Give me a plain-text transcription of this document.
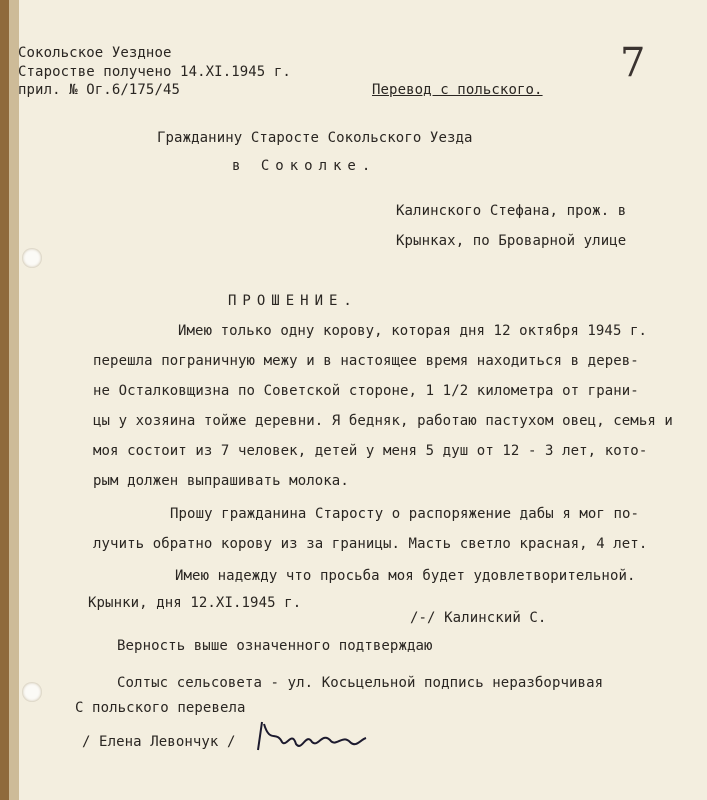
Сокольское Уездное

Старостве получено 14.XI.1945 г.

прил. № Ог.6/175/45	Перевод с польского.

7

Гражданину Старосте Сокольского Уезда

в Соколке.

Калинского Стефана, прож. в

Крынках, по Броварной улице

ПРОШЕНИЕ.

Имею только одну корову, которая дня 12 октября 1945 г.

перешла пограничную межу и в настоящее время находиться в дерев-

не Осталковщизна по Советской стороне, 1 1/2 километра от грани-

цы у хозяина тойже деревни. Я бедняк, работаю пастухом овец, семья и

моя состоит из 7 человек, детей у меня 5 душ от 12 - 3 лет, кото-

рым должен выпрашивать молока.

Прошу гражданина Старосту о распоряжение дабы я мог по-

лучить обратно корову из за границы. Масть светло красная, 4 лет.

Имею надежду что просьба моя будет удовлетворительной.

Крынки, дня 12.XI.1945 г.

/-/ Калинский С.

Верность выше означенного подтверждаю

Солтыс сельсовета - ул. Косьцельной подпись неразборчивая

С польского перевела

/ Елена Левончук /
